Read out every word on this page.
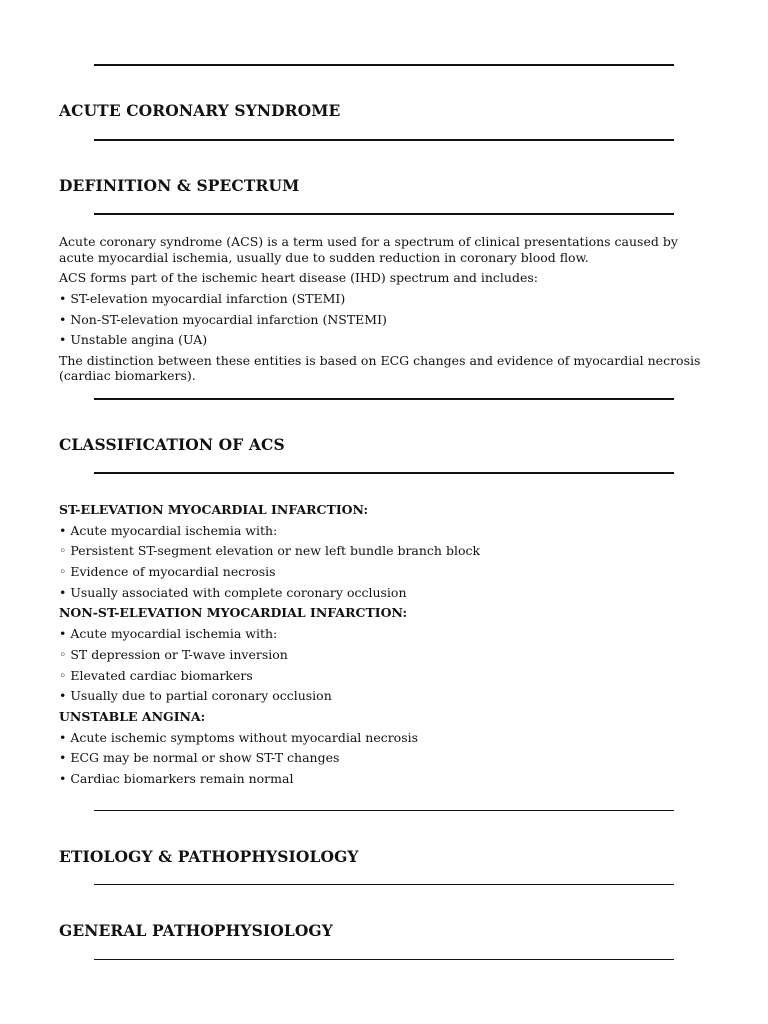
ACUTE CORONARY SYNDROME
DEFINITION & SPECTRUM

Acute coronary syndrome (ACS) is a term used for a spectrum of clinical presentations caused by acute myocardial ischemia, usually due to sudden reduction in coronary blood flow.

ACS forms part of the ischemic heart disease (IHD) spectrum and includes:

• ST-elevation myocardial infarction (STEMI)

• Non-ST-elevation myocardial infarction (NSTEMI)

• Unstable angina (UA)

The distinction between these entities is based on ECG changes and evidence of myocardial necrosis (cardiac biomarkers).

CLASSIFICATION OF ACS

ST-ELEVATION MYOCARDIAL INFARCTION:

• Acute myocardial ischemia with:

◦ Persistent ST-segment elevation or new left bundle branch block

◦ Evidence of myocardial necrosis

• Usually associated with complete coronary occlusion

NON-ST-ELEVATION MYOCARDIAL INFARCTION:

• Acute myocardial ischemia with:

◦ ST depression or T-wave inversion

◦ Elevated cardiac biomarkers

• Usually due to partial coronary occlusion

UNSTABLE ANGINA:

• Acute ischemic symptoms without myocardial necrosis

• ECG may be normal or show ST-T changes

• Cardiac biomarkers remain normal

ETIOLOGY & PATHOPHYSIOLOGY
GENERAL PATHOPHYSIOLOGY
